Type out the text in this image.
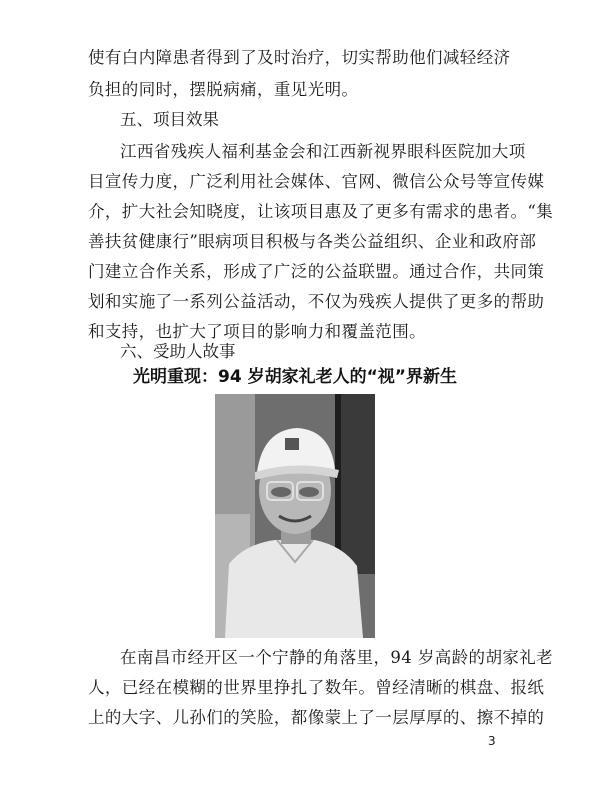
使有白内障患者得到了及时治疗，切实帮助他们减轻经济
负担的同时，摆脱病痛，重见光明。
五、项目效果
江西省残疾人福利基金会和江西新视界眼科医院加大项
目宣传力度，广泛利用社会媒体、官网、微信公众号等宣传媒
介，扩大社会知晓度，让该项目惠及了更多有需求的患者。“集
善扶贫健康行”眼病项目积极与各类公益组织、企业和政府部
门建立合作关系，形成了广泛的公益联盟。通过合作，共同策
划和实施了一系列公益活动，不仅为残疾人提供了更多的帮助
和支持，也扩大了项目的影响力和覆盖范围。
六、受助人故事
光明重现：94 岁胡家礼老人的“视”界新生
在南昌市经开区一个宁静的角落里，94 岁高龄的胡家礼老
人，已经在模糊的世界里挣扎了数年。曾经清晰的棋盘、报纸
上的大字、儿孙们的笑脸，都像蒙上了一层厚厚的、擦不掉的
3
